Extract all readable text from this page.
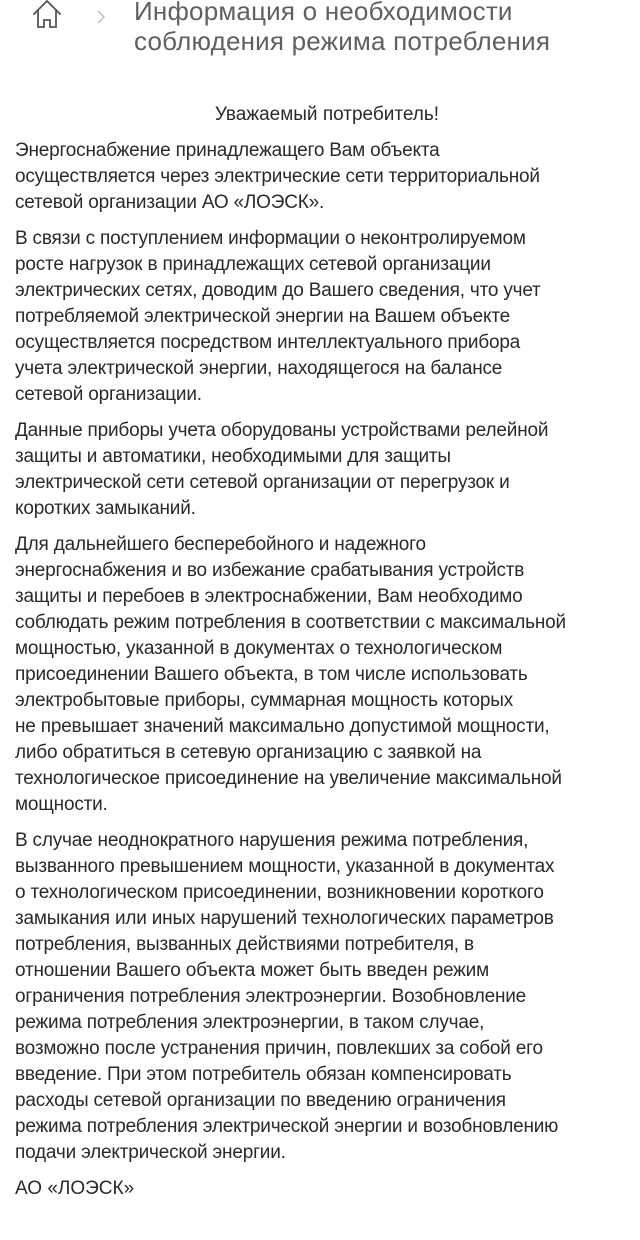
Информация о необходимости
соблюдения режима потребления

Уважаемый потребитель!

Энергоснабжение принадлежащего Вам объекта
осуществляется через электрические сети территориальной
сетевой организации АО «ЛОЭСК».

В связи с поступлением информации о неконтролируемом
росте нагрузок в принадлежащих сетевой организации
электрических сетях, доводим до Вашего сведения, что учет
потребляемой электрической энергии на Вашем объекте
осуществляется посредством интеллектуального прибора
учета электрической энергии, находящегося на балансе
сетевой организации.

Данные приборы учета оборудованы устройствами релейной
защиты и автоматики, необходимыми для защиты
электрической сети сетевой организации от перегрузок и
коротких замыканий.

Для дальнейшего бесперебойного и надежного
энергоснабжения и во избежание срабатывания устройств
защиты и перебоев в электроснабжении, Вам необходимо
соблюдать режим потребления в соответствии с максимальной
мощностью, указанной в документах о технологическом
присоединении Вашего объекта, в том числе использовать
электробытовые приборы, суммарная мощность которых
не превышает значений максимально допустимой мощности,
либо обратиться в сетевую организацию с заявкой на
технологическое присоединение на увеличение максимальной
мощности.

В случае неоднократного нарушения режима потребления,
вызванного превышением мощности, указанной в документах
о технологическом присоединении, возникновении короткого
замыкания или иных нарушений технологических параметров
потребления, вызванных действиями потребителя, в
отношении Вашего объекта может быть введен режим
ограничения потребления электроэнергии. Возобновление
режима потребления электроэнергии, в таком случае,
возможно после устранения причин, повлекших за собой его
введение. При этом потребитель обязан компенсировать
расходы сетевой организации по введению ограничения
режима потребления электрической энергии и возобновлению
подачи электрической энергии.

АО «ЛОЭСК»
